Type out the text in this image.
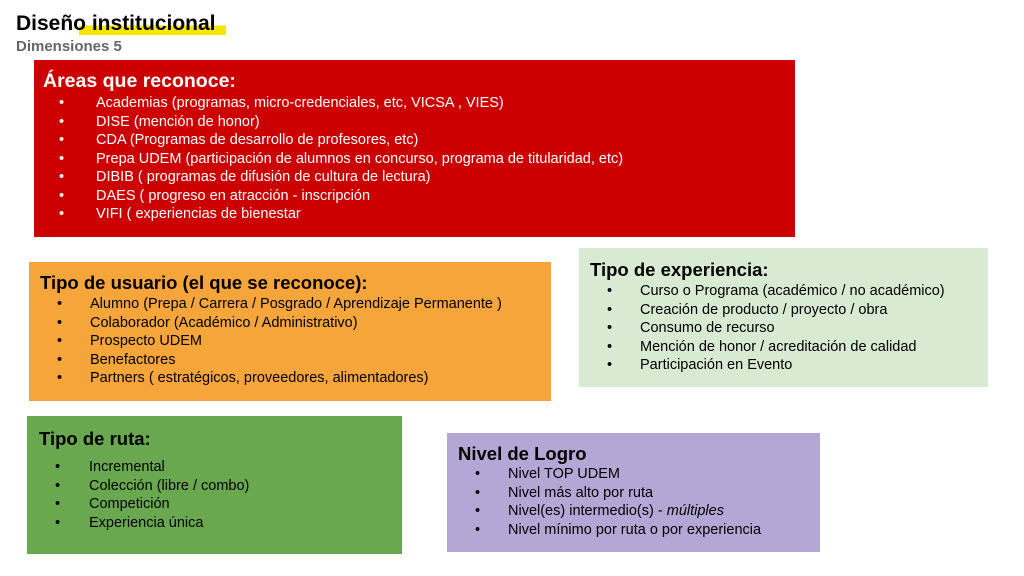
Diseño institucional
Dimensiones 5
Áreas que reconoce:
• Academias (programas, micro-credenciales, etc, VICSA , VIES)
• DISE (mención de honor)
• CDA (Programas de desarrollo de profesores, etc)
• Prepa UDEM (participación de alumnos en concurso, programa de titularidad, etc)
• DIBIB ( programas de difusión de cultura de lectura)
• DAES ( progreso en atracción - inscripción
• VIFI ( experiencias de bienestar
Tipo de usuario (el que se reconoce):
• Alumno (Prepa / Carrera / Posgrado / Aprendizaje Permanente )
• Colaborador (Académico / Administrativo)
• Prospecto UDEM
• Benefactores
• Partners ( estratégicos, proveedores, alimentadores)
Tipo de experiencia:
• Curso o Programa (académico / no académico)
• Creación de producto / proyecto / obra
• Consumo de recurso
• Mención de honor / acreditación de calidad
• Participación en Evento
Tipo de ruta:
• Incremental
• Colección (libre / combo)
• Competición
• Experiencia única
Nivel de Logro
• Nivel TOP UDEM
• Nivel más alto por ruta
• Nivel(es) intermedio(s) - múltiples
• Nivel mínimo por ruta o por experiencia
